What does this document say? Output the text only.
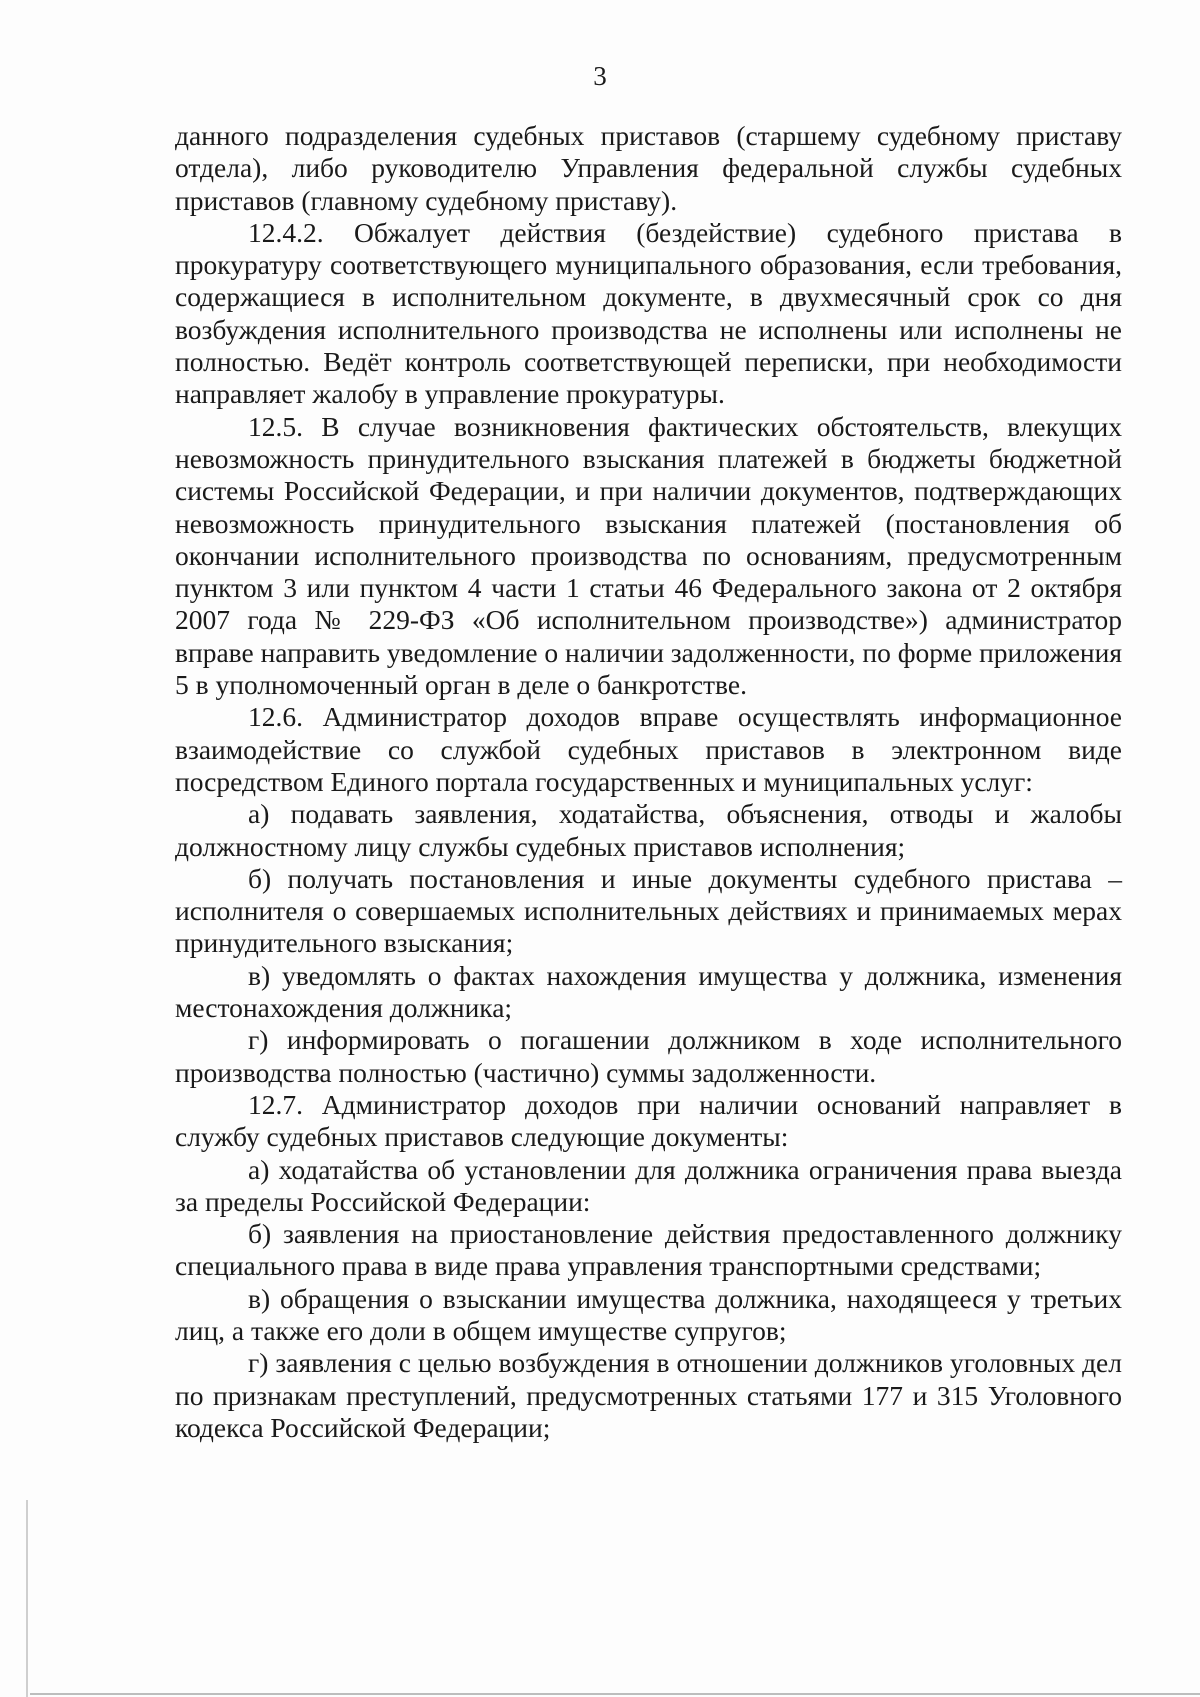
3

данного подразделения судебных приставов (старшему судебному приставу отдела), либо руководителю Управления федеральной службы судебных приставов (главному судебному приставу).

12.4.2. Обжалует действия (бездействие) судебного пристава в прокуратуру соответствующего муниципального образования, если требования, содержащиеся в исполнительном документе, в двухмесячный срок со дня возбуждения исполнительного производства не исполнены или исполнены не полностью. Ведёт контроль соответствующей переписки, при необходимости направляет жалобу в управление прокуратуры.

12.5. В случае возникновения фактических обстоятельств, влекущих невозможность принудительного взыскания платежей в бюджеты бюджетной системы Российской Федерации, и при наличии документов, подтверждающих невозможность принудительного взыскания платежей (постановления об окончании исполнительного производства по основаниям, предусмотренным пунктом 3 или пунктом 4 части 1 статьи 46 Федерального закона от 2 октября 2007 года № 229-ФЗ «Об исполнительном производстве») администратор вправе направить уведомление о наличии задолженности, по форме приложения 5 в уполномоченный орган в деле о банкротстве.

12.6. Администратор доходов вправе осуществлять информационное взаимодействие со службой судебных приставов в электронном виде посредством Единого портала государственных и муниципальных услуг:

а) подавать заявления, ходатайства, объяснения, отводы и жалобы должностному лицу службы судебных приставов исполнения;

б) получать постановления и иные документы судебного пристава – исполнителя о совершаемых исполнительных действиях и принимаемых мерах принудительного взыскания;

в) уведомлять о фактах нахождения имущества у должника, изменения местонахождения должника;

г) информировать о погашении должником в ходе исполнительного производства полностью (частично) суммы задолженности.

12.7. Администратор доходов при наличии оснований направляет в службу судебных приставов следующие документы:

а) ходатайства об установлении для должника ограничения права выезда за пределы Российской Федерации:

б) заявления на приостановление действия предоставленного должнику специального права в виде права управления транспортными средствами;

в) обращения о взыскании имущества должника, находящееся у третьих лиц, а также его доли в общем имуществе супругов;

г) заявления с целью возбуждения в отношении должников уголовных дел по признакам преступлений, предусмотренных статьями 177 и 315 Уголовного кодекса Российской Федерации;
